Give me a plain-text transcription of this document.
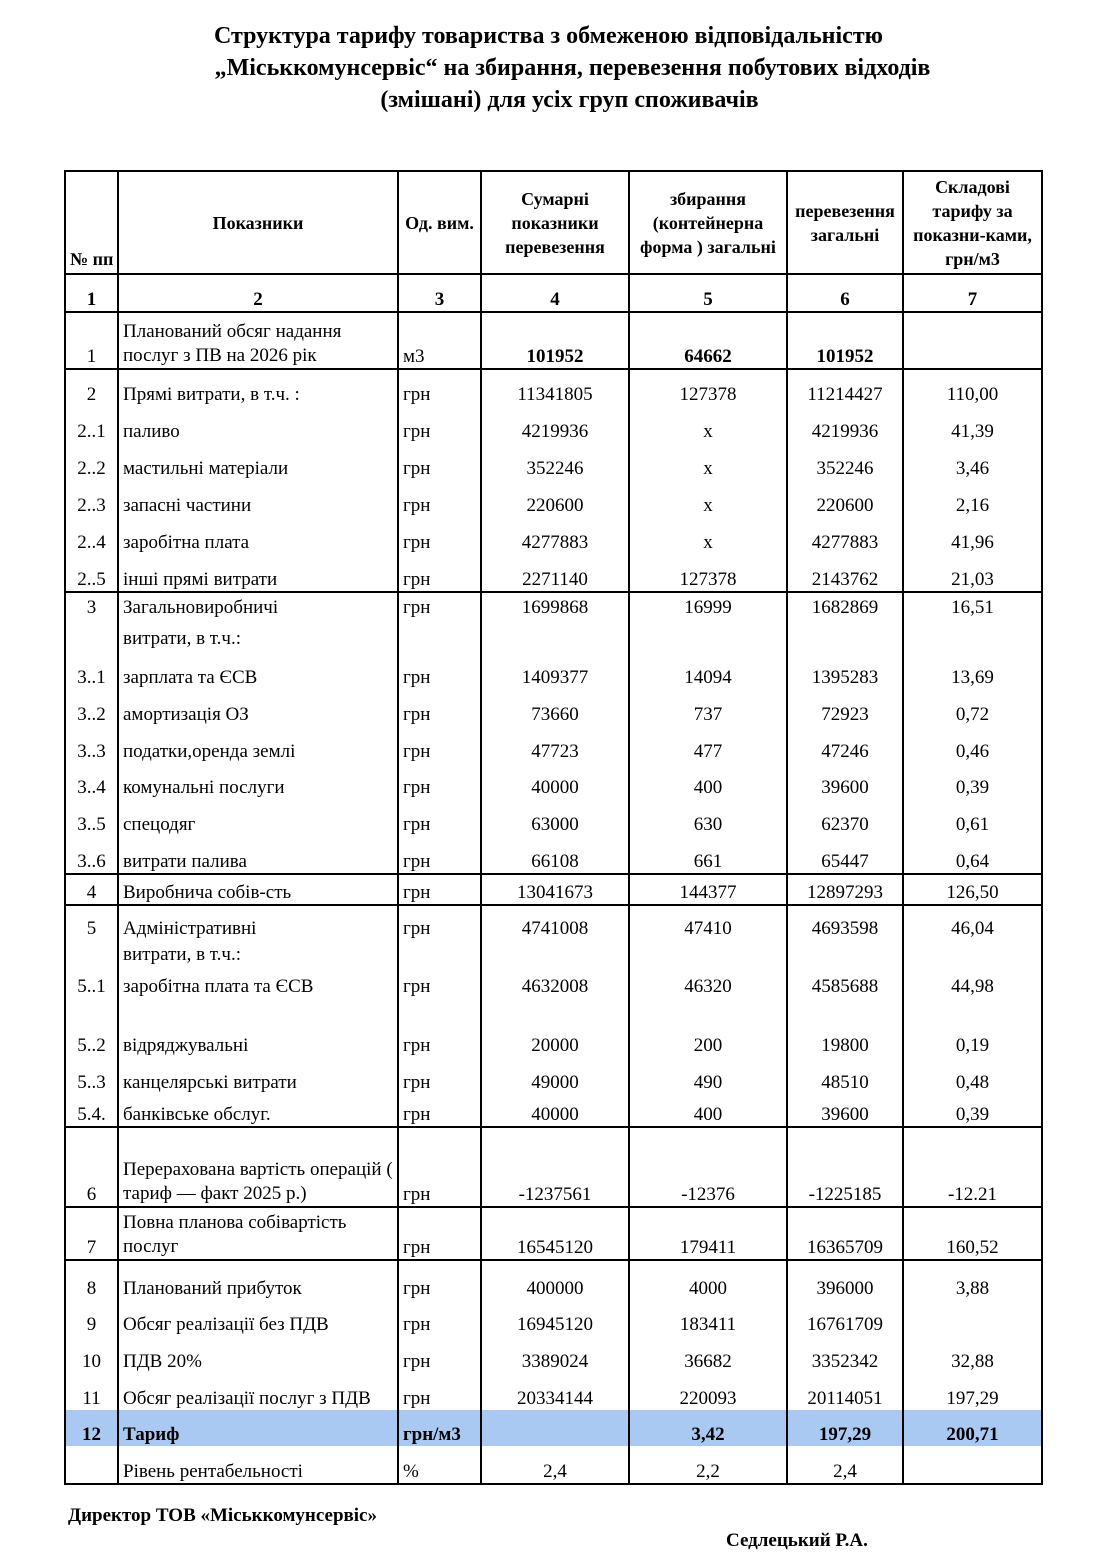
Структура тарифу товариства з обмеженою відповідальністю
„Міськкомунсервіс“ на збирання, перевезення побутових відходів
(змішані) для усіх груп споживачів
№ пп	Показники	Од. вим.	Сумарні показники перевезення	збирання (контейнерна форма ) загальні	перевезення загальні	Складові тарифу за показни-ками, грн/м3
1	2	3	4	5	6	7
1	Планований обсяг надання послуг з ПВ на 2026 рік	м3	101952	64662	101952	
2	Прямі витрати, в т.ч. :	грн	11341805	127378	11214427	110,00
2..1	паливо	грн	4219936	х	4219936	41,39
2..2	мастильні матеріали	грн	352246	х	352246	3,46
2..3	запасні частини	грн	220600	х	220600	2,16
2..4	заробітна плата	грн	4277883	х	4277883	41,96
2..5	інші прямі витрати	грн	2271140	127378	2143762	21,03
3	Загальновиробничі	грн	1699868	16999	1682869	16,51
	витрати, в т.ч.:					
3..1	зарплата та ЄСВ	грн	1409377	14094	1395283	13,69
3..2	амортизація ОЗ	грн	73660	737	72923	0,72
3..3	податки,оренда землі	грн	47723	477	47246	0,46
3..4	комунальні послуги	грн	40000	400	39600	0,39
3..5	спецодяг	грн	63000	630	62370	0,61
3..6	витрати палива	грн	66108	661	65447	0,64
4	Виробнича собів-сть	грн	13041673	144377	12897293	126,50
5	Адміністративні	грн	4741008	47410	4693598	46,04
	витрати, в т.ч.:					
5..1	заробітна плата та ЄСВ	грн	4632008	46320	4585688	44,98
5..2	відряджувальні	грн	20000	200	19800	0,19
5..3	канцелярські витрати	грн	49000	490	48510	0,48
5.4.	банківське обслуг.	грн	40000	400	39600	0,39
6	Перерахована вартість операцій ( тариф — факт 2025 р.)	грн	-1237561	-12376	-1225185	-12.21
7	Повна планова собівартість послуг	грн	16545120	179411	16365709	160,52
8	Планований прибуток	грн	400000	4000	396000	3,88
9	Обсяг реалізації без ПДВ	грн	16945120	183411	16761709	
10	ПДВ 20%	грн	3389024	36682	3352342	32,88
11	Обсяг реалізації послуг з ПДВ	грн	20334144	220093	20114051	197,29
12	Тариф	грн/м3		3,42	197,29	200,71
	Рівень рентабельності	%	2,4	2,2	2,4	
Директор ТОВ «Міськкомунсервіс»
Седлецький Р.А.
